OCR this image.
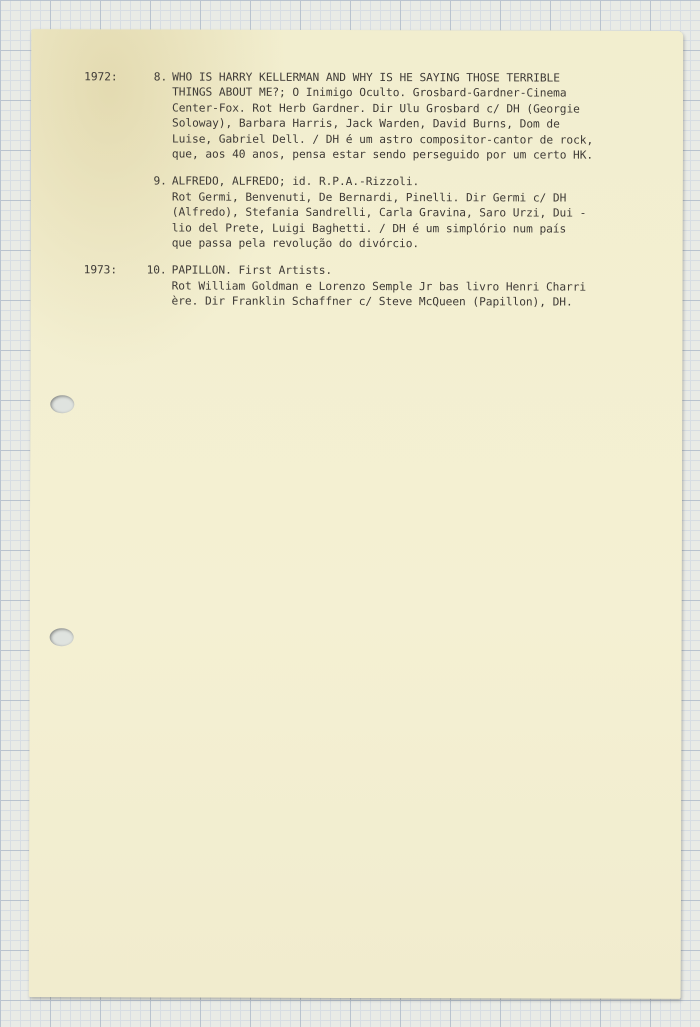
1972:	8. WHO IS HARRY KELLERMAN AND WHY IS HE SAYING THOSE TERRIBLE
THINGS ABOUT ME?; O Inimigo Oculto. Grosbard-Gardner-Cinema
Center-Fox. Rot Herb Gardner. Dir Ulu Grosbard c/ DH (Georgie
Soloway), Barbara Harris, Jack Warden, David Burns, Dom de
Luise, Gabriel Dell. / DH é um astro compositor-cantor de rock,
que, aos 40 anos, pensa estar sendo perseguido por um certo HK.
9. ALFREDO, ALFREDO; id. R.P.A.-Rizzoli.
Rot Germi, Benvenuti, De Bernardi, Pinelli. Dir Germi c/ DH
(Alfredo), Stefania Sandrelli, Carla Gravina, Saro Urzi, Dui -
lio del Prete, Luigi Baghetti. / DH é um simplório num país
que passa pela revolução do divórcio.
1973:	10. PAPILLON. First Artists.
Rot William Goldman e Lorenzo Semple Jr bas livro Henri Charri
ère. Dir Franklin Schaffner c/ Steve McQueen (Papillon), DH.
